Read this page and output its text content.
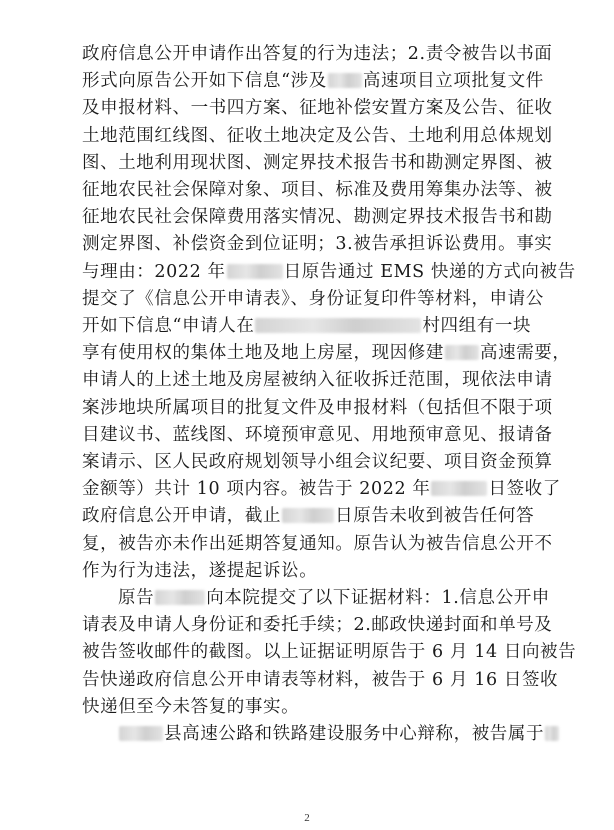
2
政府信息公开申请作出答复的行为违法；2.责令被告以书面
形式向原告公开如下信息“涉及 高速项目立项批复文件
及申报材料、一书四方案、征地补偿安置方案及公告、征收
土地范围红线图、征收土地决定及公告、土地利用总体规划
图、土地利用现状图、测定界技术报告书和勘测定界图、被
征地农民社会保障对象、项目、标准及费用筹集办法等、被
征地农民社会保障费用落实情况、勘测定界技术报告书和勘
测定界图、补偿资金到位证明；3.被告承担诉讼费用。事实
与理由：2022 年	日原告通过 EMS 快递的方式向被告
提交了《信息公开申请表》、身份证复印件等材料，申请公
开如下信息“申请人在	村四组有一块
享有使用权的集体土地及地上房屋，现因修建 高速需要，
申请人的上述土地及房屋被纳入征收拆迁范围，现依法申请
案涉地块所属项目的批复文件及申报材料（包括但不限于项
目建议书、蓝线图、环境预审意见、用地预审意见、报请备
案请示、区人民政府规划领导小组会议纪要、项目资金预算
金额等）共计 10 项内容。被告于 2022 年	日签收了
政府信息公开申请，截止	日原告未收到被告任何答
复，被告亦未作出延期答复通知。原告认为被告信息公开不
作为行为违法，遂提起诉讼。
原告	向本院提交了以下证据材料：1.信息公开申
请表及申请人身份证和委托手续；2.邮政快递封面和单号及
被告签收邮件的截图。以上证据证明原告于 6 月 14 日向被告
告快递政府信息公开申请表等材料，被告于 6 月 16 日签收
快递但至今未答复的事实。
县高速公路和铁路建设服务中心辩称，被告属于
